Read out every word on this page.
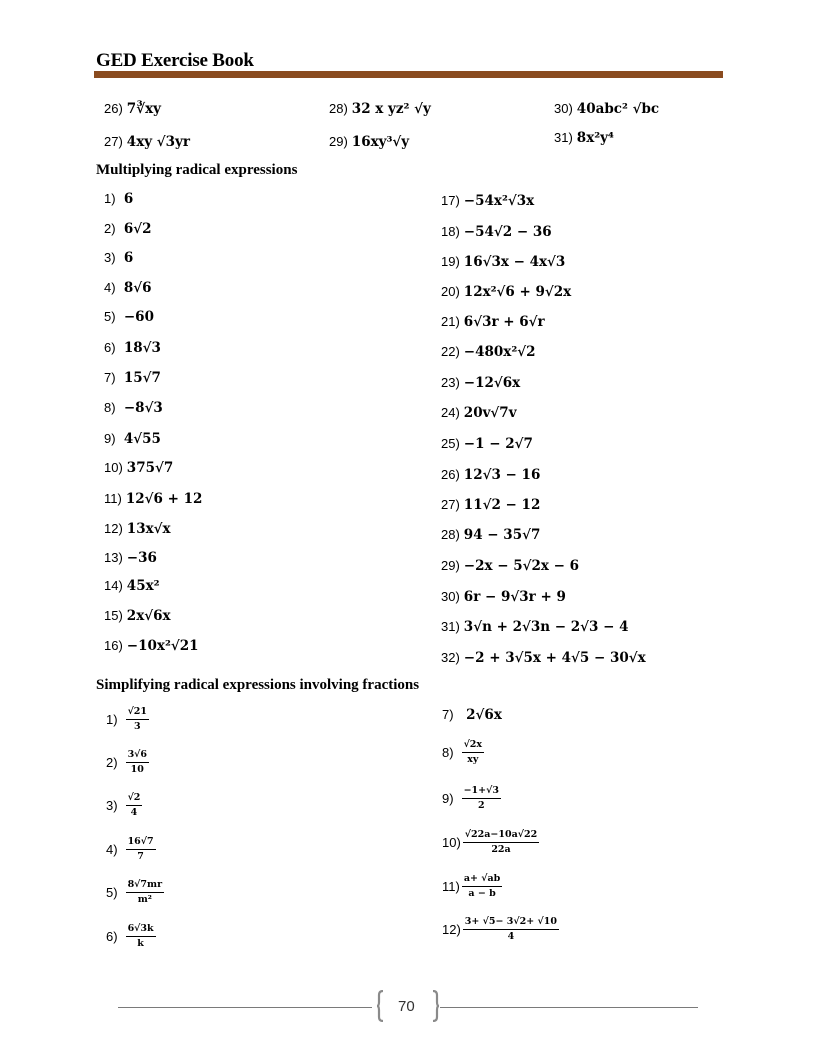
GED Exercise Book
26) 7∛xy
27) 4xy √3yr
28) 32 x yz² √y
29) 16xy³√y
30) 40abc² √bc
31) 8x²y⁴
Multiplying radical expressions
1) 6
2) 6√2
3) 6
4) 8√6
5) −60
6) 18√3
7) 15√7
8) −8√3
9) 4√55
10) 375√7
11) 12√6 + 12
12) 13x√x
13) −36
14) 45x²
15) 2x√6x
16) −10x²√21
17) −54x²√3x
18) −54√2 − 36
19) 16√3x − 4x√3
20) 12x²√6 + 9√2x
21) 6√3r + 6√r
22) −480x²√2
23) −12√6x
24) 20v√7v
25) −1 − 2√7
26) 12√3 − 16
27) 11√2 − 12
28) 94 − 35√7
29) −2x − 5√2x − 6
30) 6r − 9√3r + 9
31) 3√n + 2√3n − 2√3 − 4
32) −2 + 3√5x + 4√5 − 30√x
Simplifying radical expressions involving fractions
$1) \frac{√21}{3}$
$2) \frac{3√6}{10}$
$3) \frac{√2}{4}$
$4) \frac{16√7}{7}$
$5) \frac{8√7mr}{\text{m²}}$
$6) \frac{6√3k}{k}$
7) 2√6x
$8) \frac{√2x}{xy}$
$9) \frac{-1+√3}{2}$
$10) \frac{√22a-10a√22}{22a}$
$11) \frac{a+ √ab}{a - b}$
$12) \frac{3+ √5- 3√2+ √10}{4}$
70
